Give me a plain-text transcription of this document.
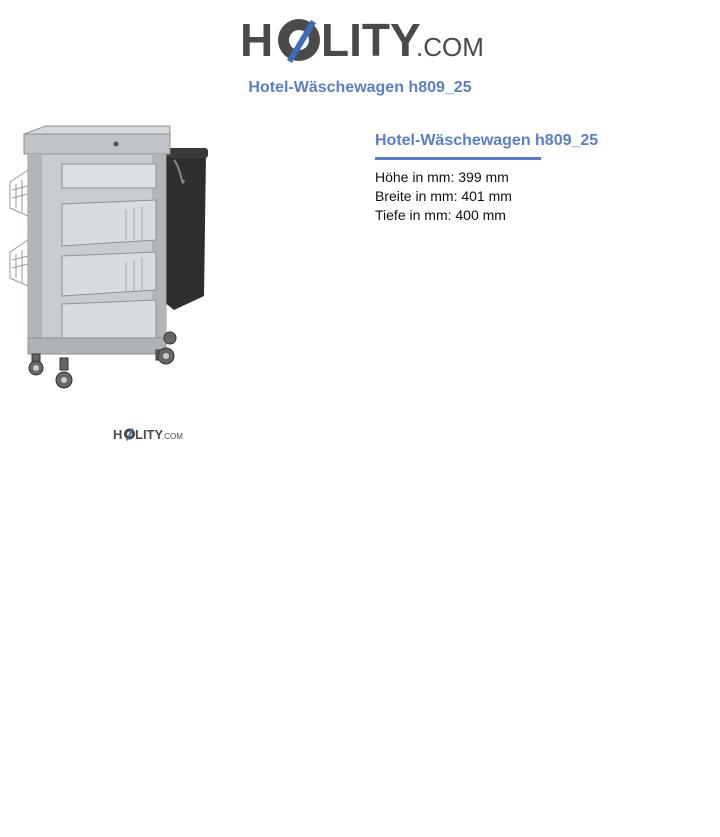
H LITY
.COM
Hotel-Wäschewagen h809_25
H LITY
.COM
Hotel-Wäschewagen h809_25
Höhe in mm: 399 mm
Breite in mm: 401 mm
Tiefe in mm: 400 mm
